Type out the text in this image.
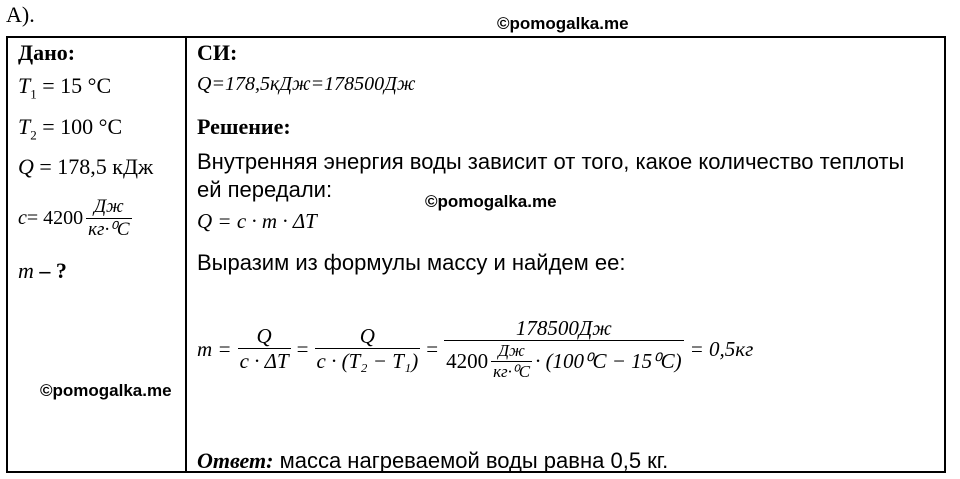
А).	©pomogalka.me
©pomogalka.me
©pomogalka.me
Дано:
$T_1 = 15$ °C
$T_2 = 100$ °C
Q = 178,5 кДж
$c = 4200 \frac{Дж}{\text{кг·⁰C}}$
m – ?
СИ:
Q=178,5кДж=178500Дж
Решение:
Внутренняя энергия воды зависит от того, какое количество теплоты
ей передали:
Q = c · m · ΔT
Выразим из формулы массу и найдем ее:
$m = \frac{Q}{c \cdot \Delta T} = \frac{Q}{\text{c · (T₂ − T₁)}}$ =
178500Дж
$4200 \frac{Дж}{\text{кг·⁰C}} \cdot (100^0C - 15^0C)$
= 0,5кг
Ответ: масса нагреваемой воды равна 0,5 кг.
